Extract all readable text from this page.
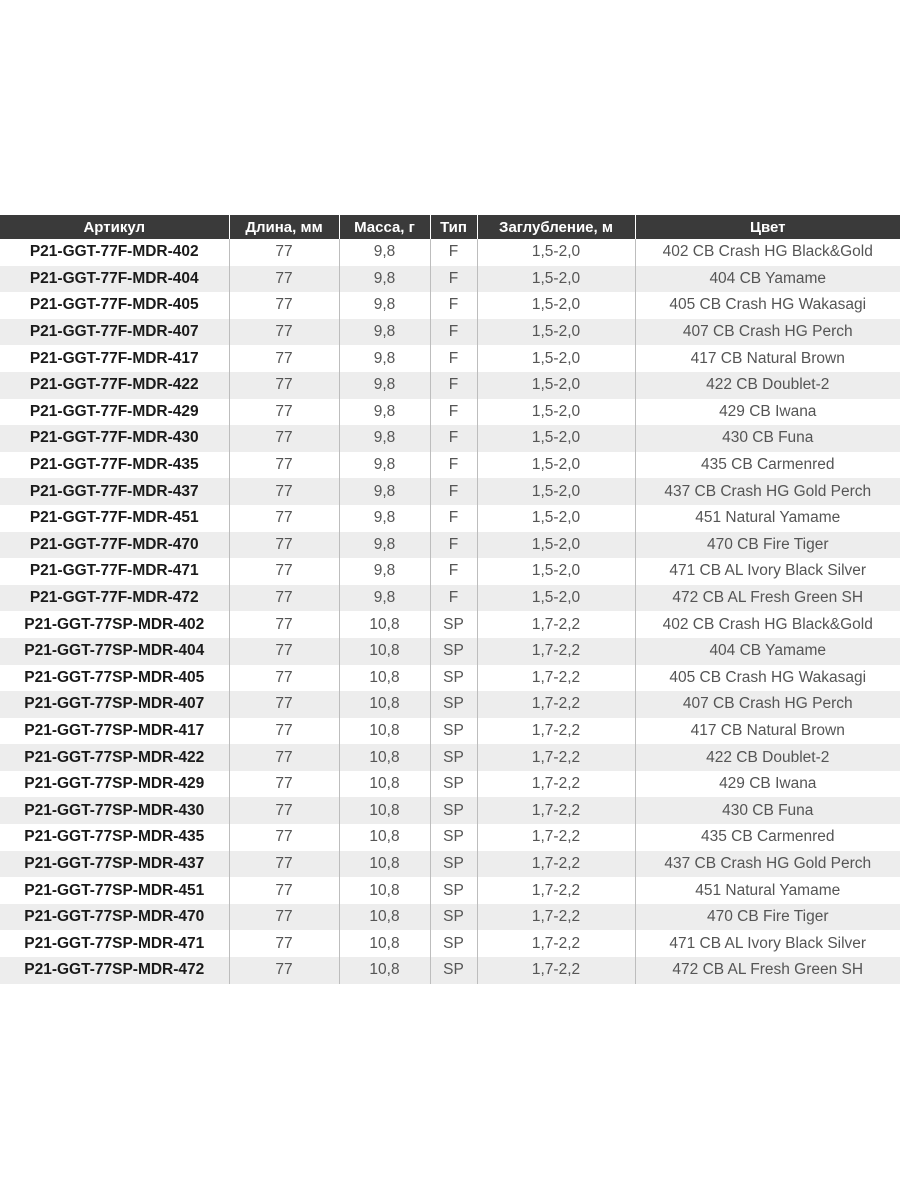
Артикул	Длина, мм	Масса, г	Тип	Заглубление, м	Цвет
P21-GGT-77F-MDR-402	77	9,8	F	1,5-2,0	402 CB Crash HG Black&Gold
P21-GGT-77F-MDR-404	77	9,8	F	1,5-2,0	404 CB Yamame
P21-GGT-77F-MDR-405	77	9,8	F	1,5-2,0	405 CB Crash HG Wakasagi
P21-GGT-77F-MDR-407	77	9,8	F	1,5-2,0	407 CB Crash HG Perch
P21-GGT-77F-MDR-417	77	9,8	F	1,5-2,0	417 CB Natural Brown
P21-GGT-77F-MDR-422	77	9,8	F	1,5-2,0	422 CB Doublet-2
P21-GGT-77F-MDR-429	77	9,8	F	1,5-2,0	429 CB Iwana
P21-GGT-77F-MDR-430	77	9,8	F	1,5-2,0	430 CB Funa
P21-GGT-77F-MDR-435	77	9,8	F	1,5-2,0	435 CB Carmenred
P21-GGT-77F-MDR-437	77	9,8	F	1,5-2,0	437 CB Crash HG Gold Perch
P21-GGT-77F-MDR-451	77	9,8	F	1,5-2,0	451 Natural Yamame
P21-GGT-77F-MDR-470	77	9,8	F	1,5-2,0	470 CB Fire Tiger
P21-GGT-77F-MDR-471	77	9,8	F	1,5-2,0	471 CB AL Ivory Black Silver
P21-GGT-77F-MDR-472	77	9,8	F	1,5-2,0	472 CB AL Fresh Green SH
P21-GGT-77SP-MDR-402	77	10,8	SP	1,7-2,2	402 CB Crash HG Black&Gold
P21-GGT-77SP-MDR-404	77	10,8	SP	1,7-2,2	404 CB Yamame
P21-GGT-77SP-MDR-405	77	10,8	SP	1,7-2,2	405 CB Crash HG Wakasagi
P21-GGT-77SP-MDR-407	77	10,8	SP	1,7-2,2	407 CB Crash HG Perch
P21-GGT-77SP-MDR-417	77	10,8	SP	1,7-2,2	417 CB Natural Brown
P21-GGT-77SP-MDR-422	77	10,8	SP	1,7-2,2	422 CB Doublet-2
P21-GGT-77SP-MDR-429	77	10,8	SP	1,7-2,2	429 CB Iwana
P21-GGT-77SP-MDR-430	77	10,8	SP	1,7-2,2	430 CB Funa
P21-GGT-77SP-MDR-435	77	10,8	SP	1,7-2,2	435 CB Carmenred
P21-GGT-77SP-MDR-437	77	10,8	SP	1,7-2,2	437 CB Crash HG Gold Perch
P21-GGT-77SP-MDR-451	77	10,8	SP	1,7-2,2	451 Natural Yamame
P21-GGT-77SP-MDR-470	77	10,8	SP	1,7-2,2	470 CB Fire Tiger
P21-GGT-77SP-MDR-471	77	10,8	SP	1,7-2,2	471 CB AL Ivory Black Silver
P21-GGT-77SP-MDR-472	77	10,8	SP	1,7-2,2	472 CB AL Fresh Green SH
